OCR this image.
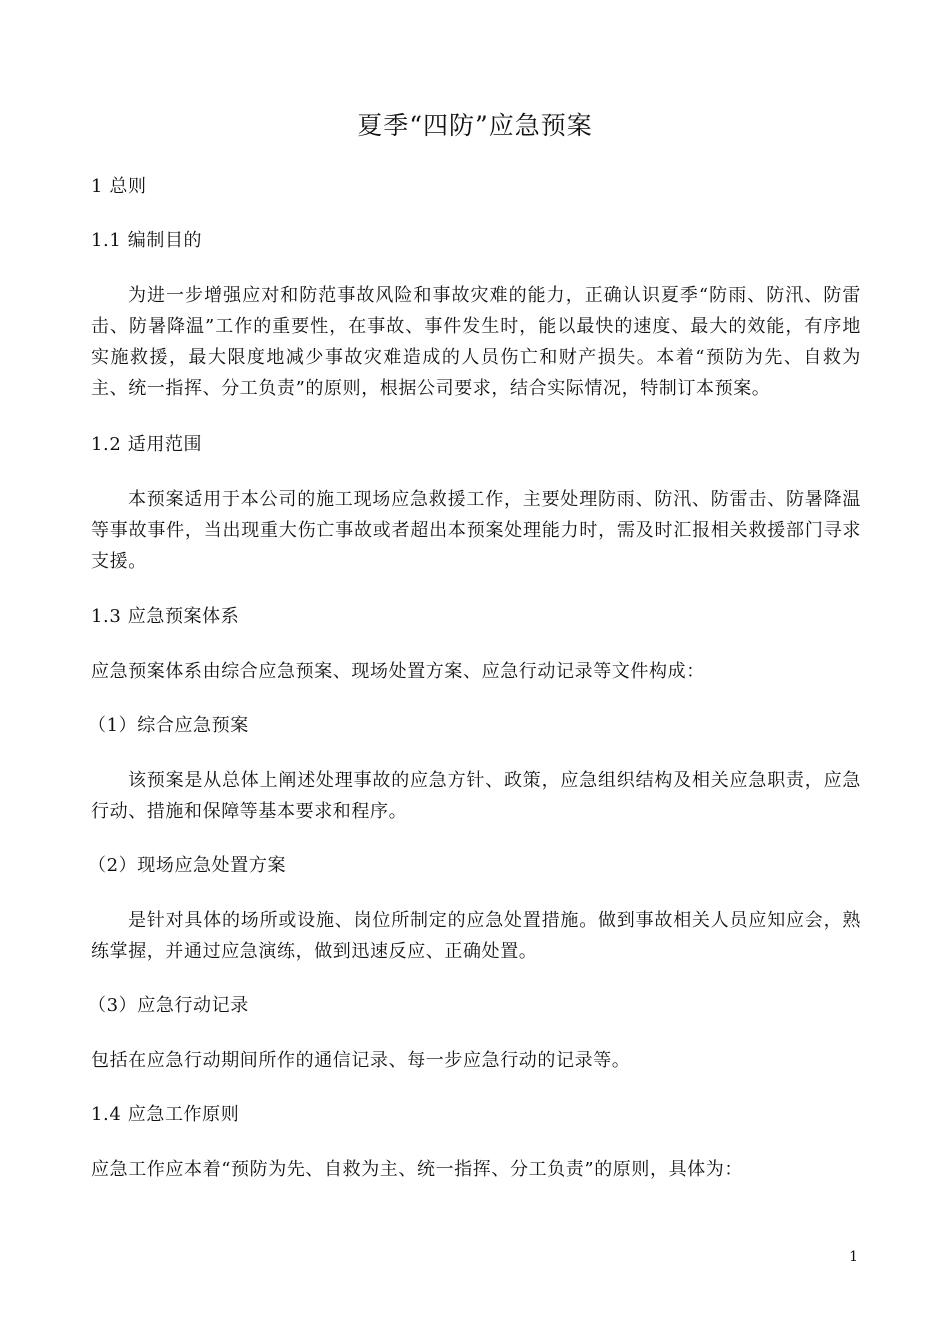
夏季“四防”应急预案

1 总则

1.1 编制目的

为进一步增强应对和防范事故风险和事故灾难的能力，正确认识夏季“防雨、防汛、防雷击、防暑降温”工作的重要性，在事故、事件发生时，能以最快的速度、最大的效能，有序地实施救援，最大限度地减少事故灾难造成的人员伤亡和财产损失。本着“预防为先、自救为主、统一指挥、分工负责”的原则，根据公司要求，结合实际情况，特制订本预案。

1.2 适用范围

本预案适用于本公司的施工现场应急救援工作，主要处理防雨、防汛、防雷击、防暑降温等事故事件，当出现重大伤亡事故或者超出本预案处理能力时，需及时汇报相关救援部门寻求支援。

1.3 应急预案体系

应急预案体系由综合应急预案、现场处置方案、应急行动记录等文件构成：

（1）综合应急预案

该预案是从总体上阐述处理事故的应急方针、政策，应急组织结构及相关应急职责，应急行动、措施和保障等基本要求和程序。

（2）现场应急处置方案

是针对具体的场所或设施、岗位所制定的应急处置措施。做到事故相关人员应知应会，熟练掌握，并通过应急演练，做到迅速反应、正确处置。

（3）应急行动记录

包括在应急行动期间所作的通信记录、每一步应急行动的记录等。

1.4 应急工作原则

应急工作应本着“预防为先、自救为主、统一指挥、分工负责”的原则，具体为：

1
